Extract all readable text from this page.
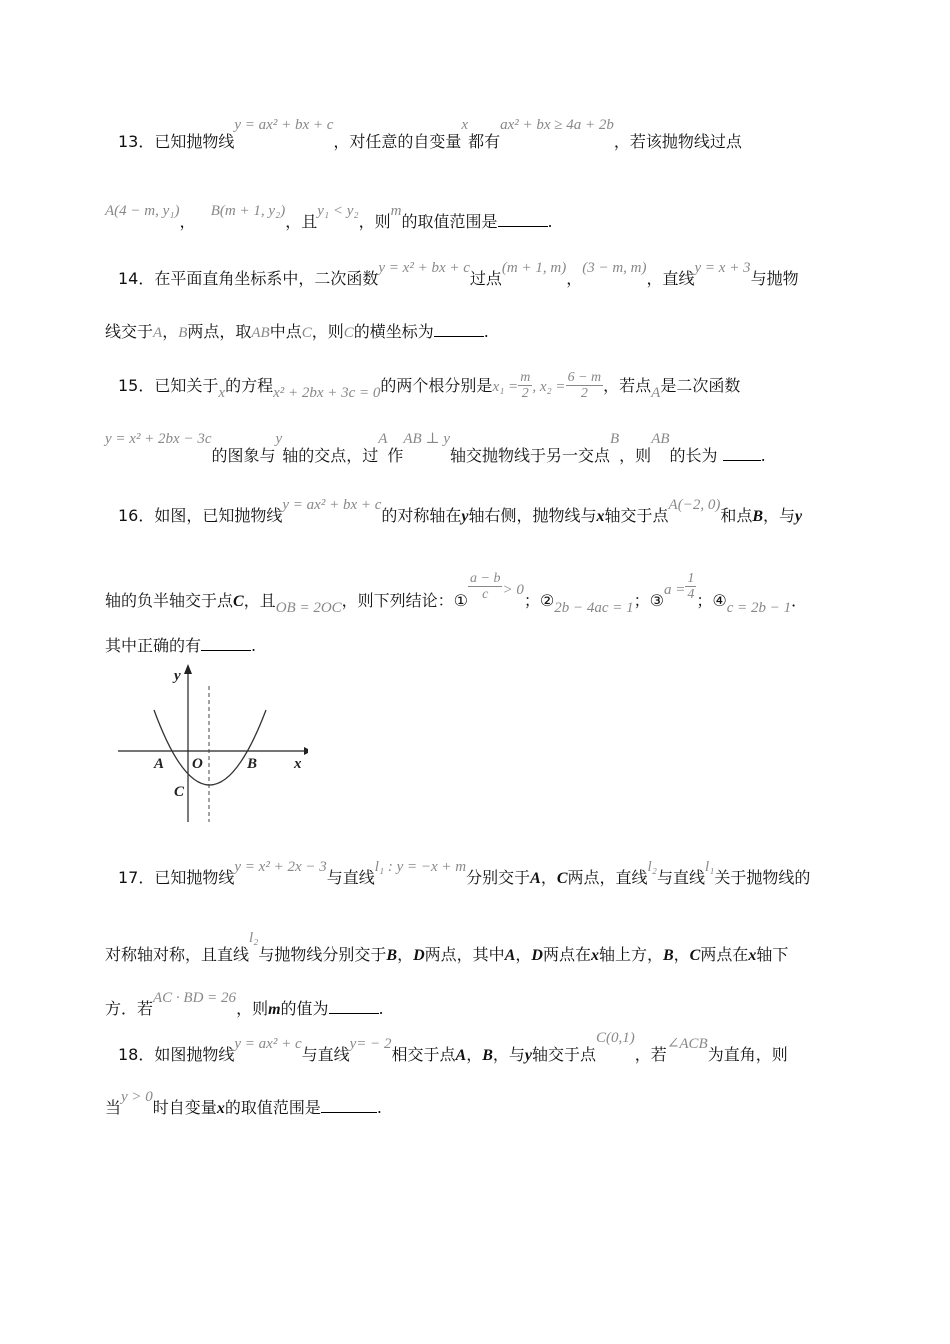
13．已知抛物线y = ax² + bx + c，对任意的自变量x都有ax² + bx ≥ 4a + 2b，若该抛物线过点
A(4 − m, y₁)，   B(m + 1, y₂)，且y₁ < y₂，则m的取值范围是	.
14．在平面直角坐标系中，二次函数y = x² + bx + c过点(m + 1, m)，(3 − m, m)，直线y = x + 3与抛物
线交于A，B两点，取AB中点C，则C的横坐标为	.
15．已知关于x的方程x² + 2bx + 3c = 0的两个根分别是$x_1 = \frac{m}{2}$ , $x_2 = \frac{6 - m}{2}$ ，若点A是二次函数
y = x² + 2bx − 3c的图象与y轴的交点，过A作AB ⊥ y轴交抛物线于另一交点B，则AB的长为	.
16．如图，已知抛物线y = ax² + bx + c的对称轴在y轴右侧，抛物线与x轴交于点A(−2, 0)和点B，与y
轴的负半轴交于点C，且OB = 2OC，则下列结论：① $\frac{a - b}{c} > 0$；②2b − 4ac = 1；③a = $\frac{1}{4}$ ；④c = 2b − 1．
其中正确的有	.
y
x
A O	B
C
17．已知抛物线y = x² + 2x − 3与直线l₁ : y = −x + m分别交于A，C两点，直线l₂与直线l₁关于抛物线的
对称轴对称，且直线l₂与抛物线分别交于B，D两点，其中A，D两点在x轴上方，B，C两点在x轴下
方．若AC · BD = 26，则m的值为	.
18．如图抛物线y = ax² + c与直线y= − 2相交于点A，B，与y轴交于点C(0,1)，若∠ACB为直角，则
当y > 0时自变量x的取值范围是	.
